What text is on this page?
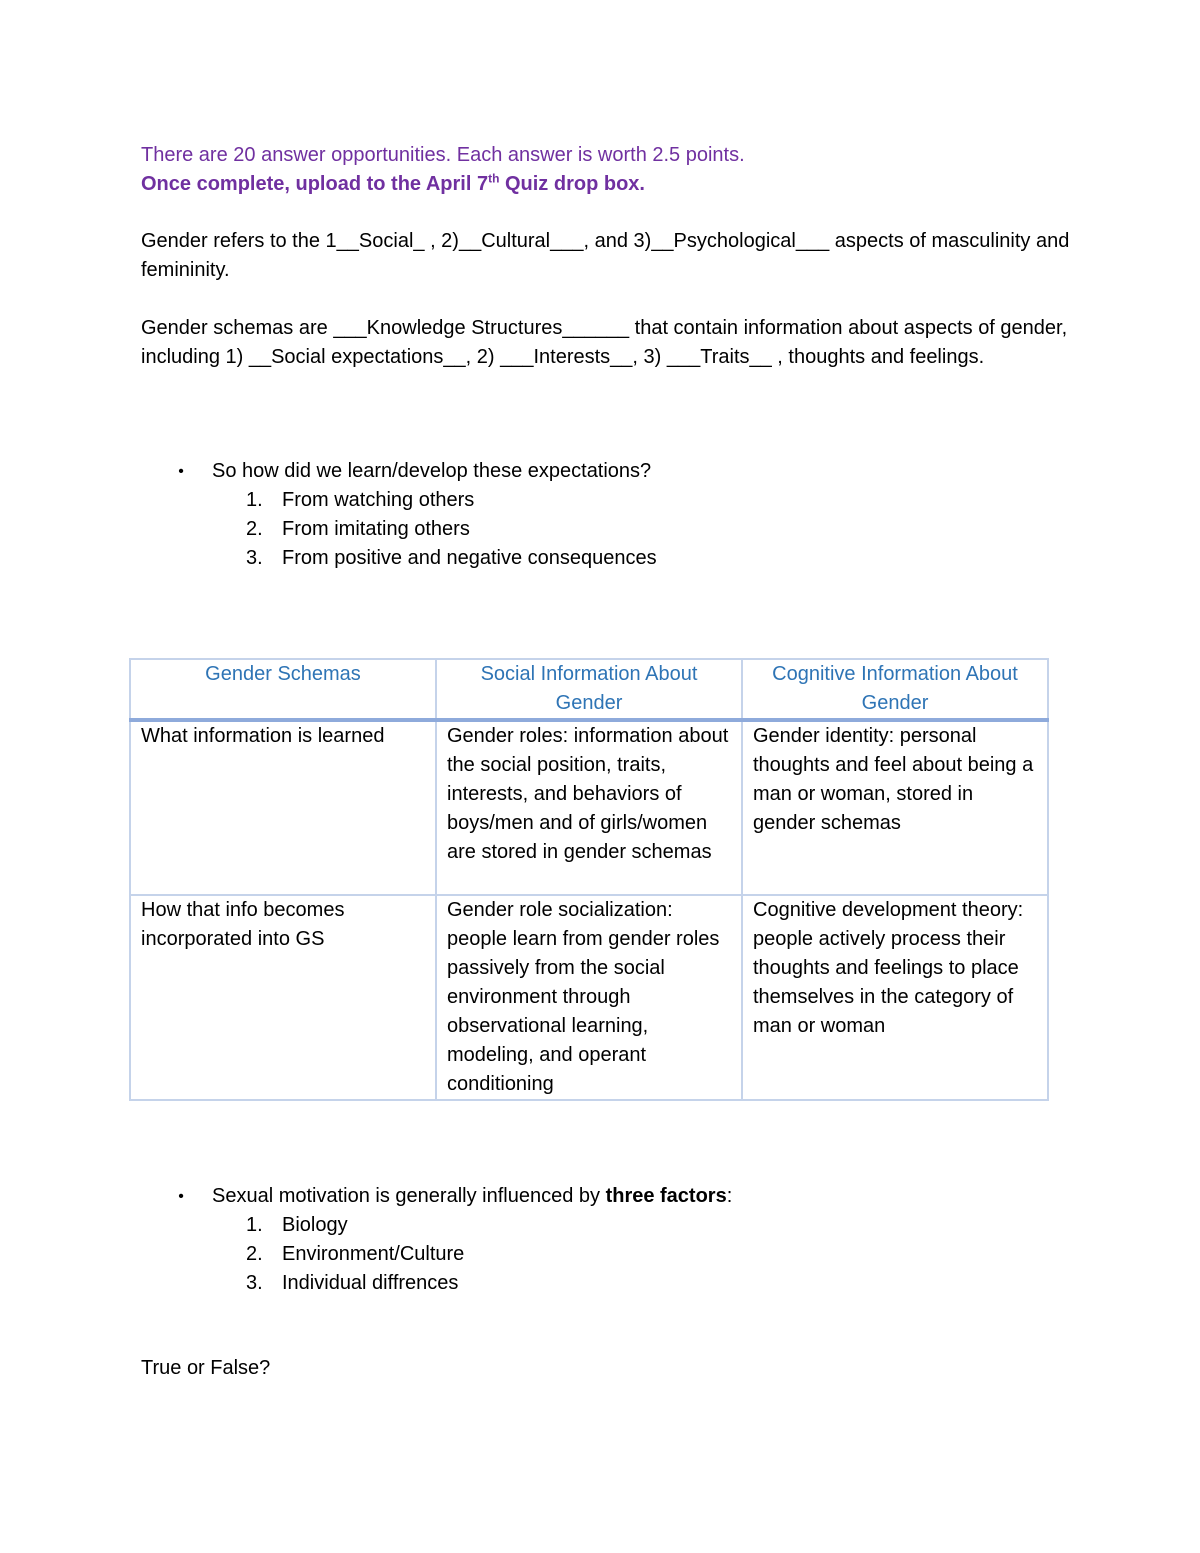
There are 20 answer opportunities. Each answer is worth 2.5 points.
Once complete, upload to the April 7th Quiz drop box.
Gender refers to the 1__Social_ , 2)__Cultural___, and 3)__Psychological___ aspects of masculinity and femininity.
Gender schemas are ___Knowledge Structures______ that contain information about aspects of gender, including 1) __Social expectations__, 2) ___Interests__, 3) ___Traits__ , thoughts and feelings.
• So how did we learn/develop these expectations?
1. From watching others
2. From imitating others
3. From positive and negative consequences
Gender Schemas	Social Information About Gender	Cognitive Information About Gender
What information is learned	Gender roles: information about the social position, traits, interests, and behaviors of boys/men and of girls/women are stored in gender schemas	Gender identity: personal thoughts and feel about being a man or woman, stored in gender schemas
How that info becomes incorporated into GS	Gender role socialization: people learn from gender roles passively from the social environment through observational learning, modeling, and operant conditioning	Cognitive development theory: people actively process their thoughts and feelings to place themselves in the category of man or woman
• Sexual motivation is generally influenced by three factors:
1. Biology
2. Environment/Culture
3. Individual diffrences
True or False?
